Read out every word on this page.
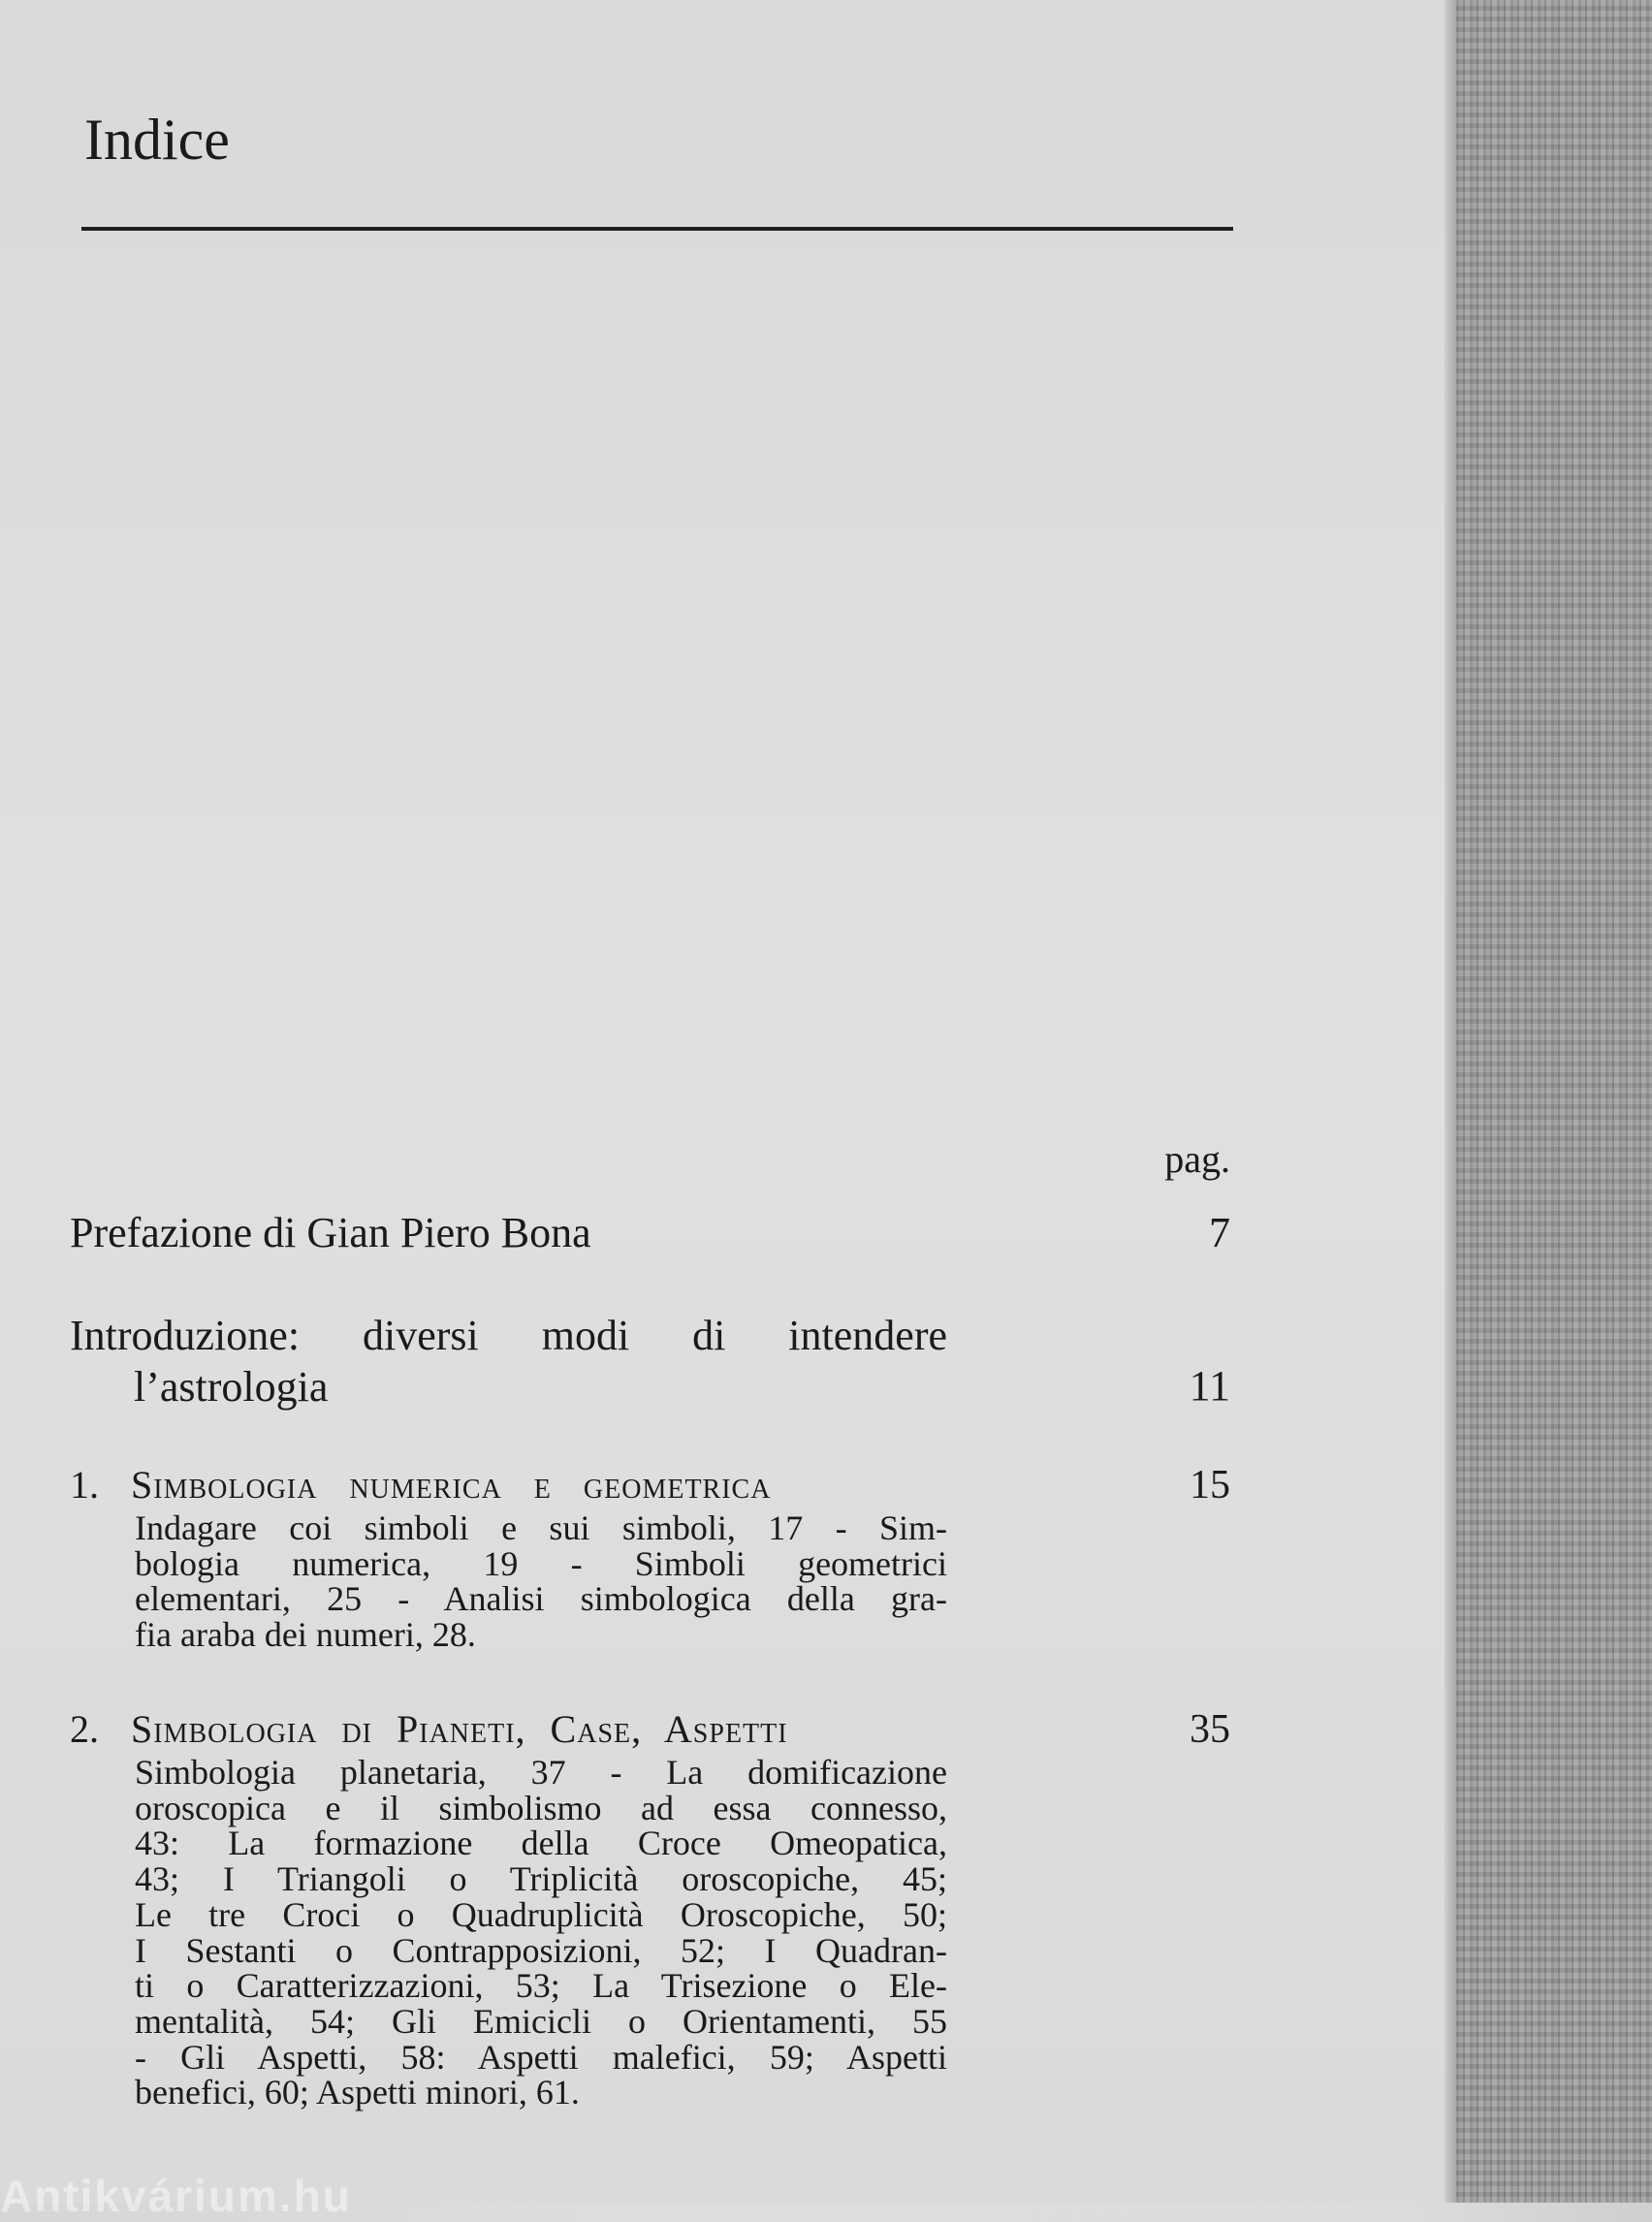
Indice
pag.
Prefazione di Gian Piero Bona	7
Introduzione: diversi modi di intendere
l’astrologia	11
1. Simbologia numerica e geometrica	15
Indagare coi simboli e sui simboli, 17 - Sim-
bologia numerica, 19 - Simboli geometrici
elementari, 25 - Analisi simbologica della gra-
fia araba dei numeri, 28.
2. Simbologia di Pianeti, Case, Aspetti	35
Simbologia planetaria, 37 - La domificazione
oroscopica e il simbolismo ad essa connesso,
43: La formazione della Croce Omeopatica,
43; I Triangoli o Triplicità oroscopiche, 45;
Le tre Croci o Quadruplicità Oroscopiche, 50;
I Sestanti o Contrapposizioni, 52; I Quadran-
ti o Caratterizzazioni, 53; La Trisezione o Ele-
mentalità, 54; Gli Emicicli o Orientamenti, 55
- Gli Aspetti, 58: Aspetti malefici, 59; Aspetti
benefici, 60; Aspetti minori, 61.
Antikvárium.hu
